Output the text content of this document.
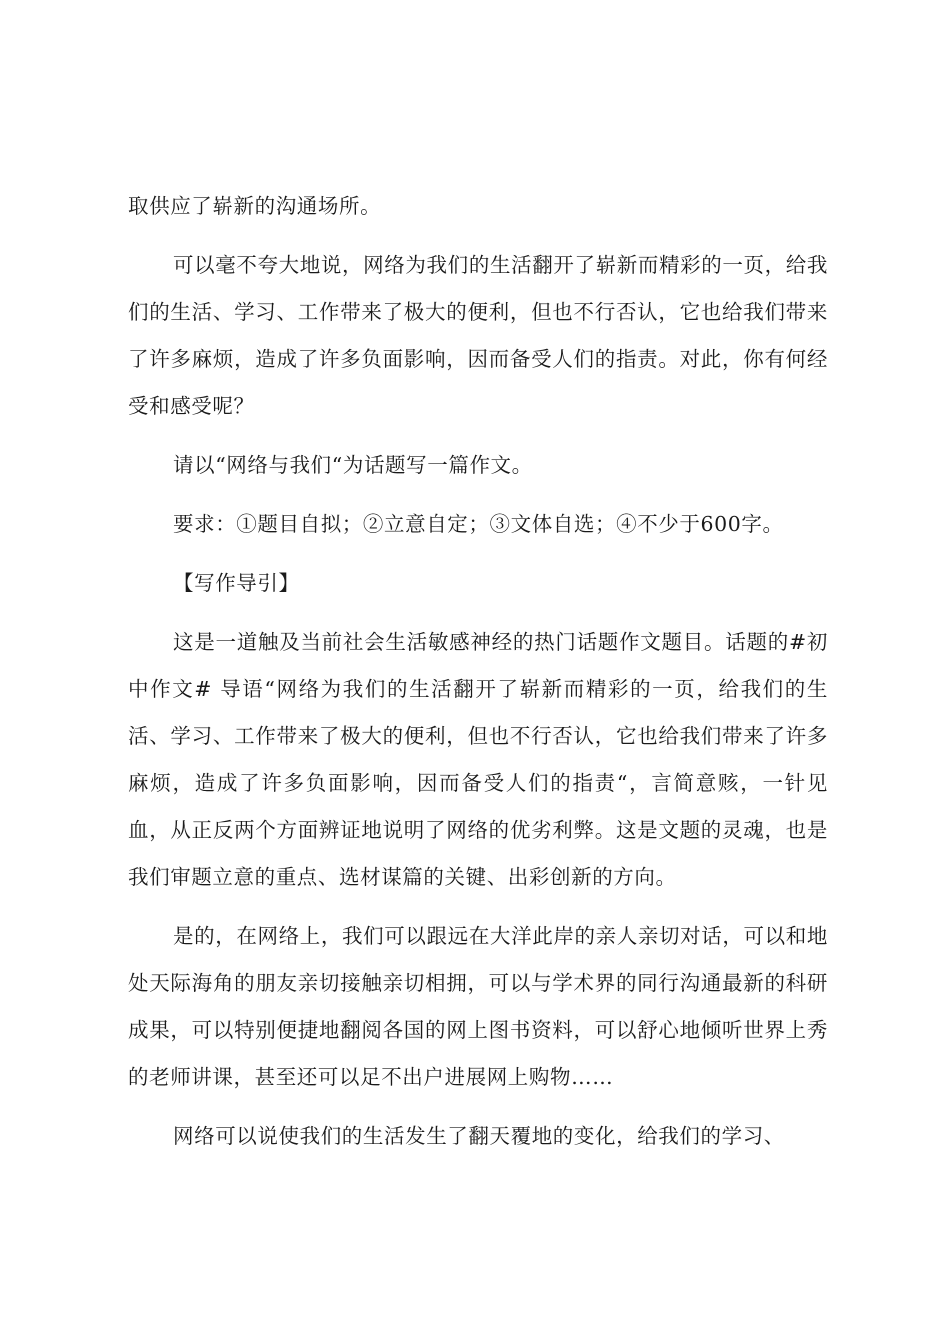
取供应了崭新的沟通场所。

可以毫不夸大地说，网络为我们的生活翻开了崭新而精彩的一页，给我们的生活、学习、工作带来了极大的便利，但也不行否认，它也给我们带来了许多麻烦，造成了许多负面影响，因而备受人们的指责。对此，你有何经受和感受呢？

请以“网络与我们“为话题写一篇作文。

要求：①题目自拟；②立意自定；③文体自选；④不少于600字。

【写作导引】

这是一道触及当前社会生活敏感神经的热门话题作文题目。话题的#初中作文# 导语“网络为我们的生活翻开了崭新而精彩的一页，给我们的生活、学习、工作带来了极大的便利，但也不行否认，它也给我们带来了许多麻烦，造成了许多负面影响，因而备受人们的指责“，言简意赅，一针见血，从正反两个方面辨证地说明了网络的优劣利弊。这是文题的灵魂，也是我们审题立意的重点、选材谋篇的关键、出彩创新的方向。

是的，在网络上，我们可以跟远在大洋此岸的亲人亲切对话，可以和地处天际海角的朋友亲切接触亲切相拥，可以与学术界的同行沟通最新的科研成果，可以特别便捷地翻阅各国的网上图书资料，可以舒心地倾听世界上秀的老师讲课，甚至还可以足不出户进展网上购物……

网络可以说使我们的生活发生了翻天覆地的变化，给我们的学习、
